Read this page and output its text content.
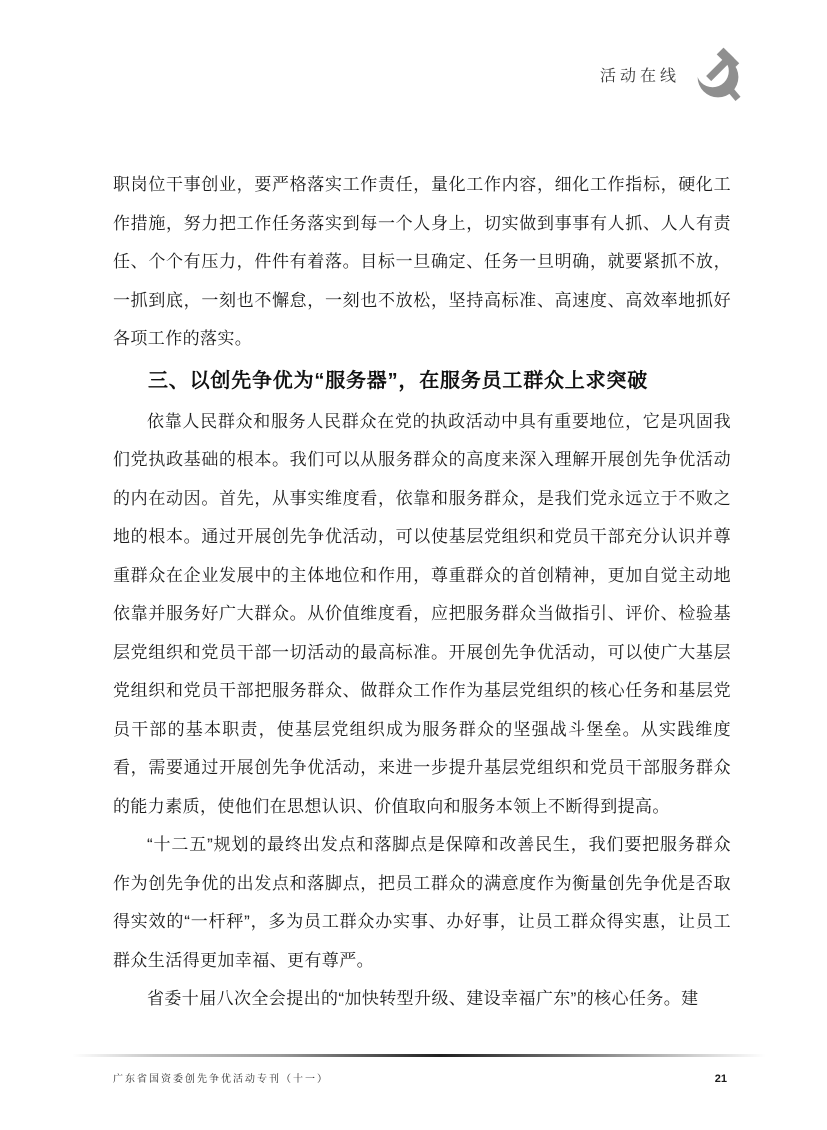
活动在线

职岗位干事创业，要严格落实工作责任，量化工作内容，细化工作指标，硬化工作措施，努力把工作任务落实到每一个人身上，切实做到事事有人抓、人人有责任、个个有压力，件件有着落。目标一旦确定、任务一旦明确，就要紧抓不放，一抓到底，一刻也不懈怠，一刻也不放松，坚持高标准、高速度、高效率地抓好各项工作的落实。

三、以创先争优为“服务器”，在服务员工群众上求突破

依靠人民群众和服务人民群众在党的执政活动中具有重要地位，它是巩固我们党执政基础的根本。我们可以从服务群众的高度来深入理解开展创先争优活动的内在动因。首先，从事实维度看，依靠和服务群众，是我们党永远立于不败之地的根本。通过开展创先争优活动，可以使基层党组织和党员干部充分认识并尊重群众在企业发展中的主体地位和作用，尊重群众的首创精神，更加自觉主动地依靠并服务好广大群众。从价值维度看，应把服务群众当做指引、评价、检验基层党组织和党员干部一切活动的最高标准。开展创先争优活动，可以使广大基层党组织和党员干部把服务群众、做群众工作作为基层党组织的核心任务和基层党员干部的基本职责，使基层党组织成为服务群众的坚强战斗堡垒。从实践维度看，需要通过开展创先争优活动，来进一步提升基层党组织和党员干部服务群众的能力素质，使他们在思想认识、价值取向和服务本领上不断得到提高。

“十二五”规划的最终出发点和落脚点是保障和改善民生，我们要把服务群众作为创先争优的出发点和落脚点，把员工群众的满意度作为衡量创先争优是否取得实效的“一杆秤”，多为员工群众办实事、办好事，让员工群众得实惠，让员工群众生活得更加幸福、更有尊严。

省委十届八次全会提出的“加快转型升级、建设幸福广东”的核心任务。建

广东省国资委创先争优活动专刊（十一）	21
